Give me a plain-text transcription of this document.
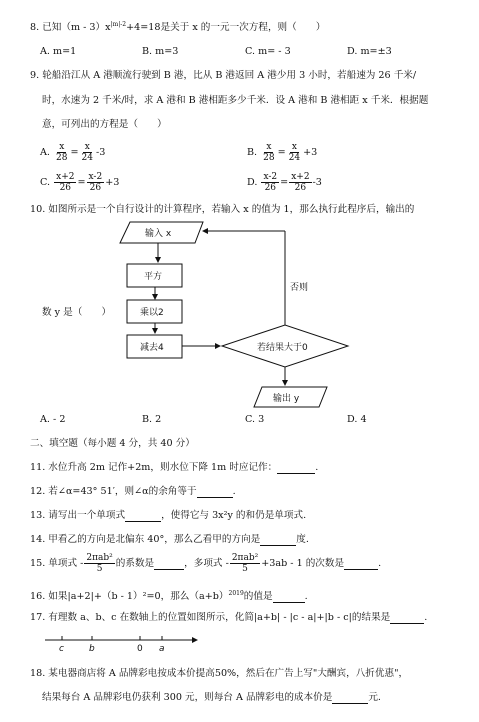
8. 已知$(m - 3)x^{|m|-2}+4=18$是关于 x 的一元一次方程，则（　　）
A. m=1	B. m=3	C. m= - 3	D. m=±3
9. 轮船沿江从 A 港顺流行驶到 B 港，比从 B 港返回 A 港少用 3 小时，若船速为 26 千米/
时，水速为 2 千米/时，求 A 港和 B 港相距多少千米．设 A 港和 B 港相距 x 千米．根据题
意，可列出的方程是（　　）
A. $\frac{x}{28} = \frac{x}{24} -3$	B. $\frac{x}{28} = \frac{x}{24} +3$
C. $\frac{x+2}{26} = \frac{x-2}{26} +3$	D. $\frac{x-2}{26} = \frac{x+2}{26} -3$
10. 如图所示是一个自行设计的计算程序，若输入 x 的值为 1，那么执行此程序后，输出的
数 y 是（　　）
输入 x
平方
乘以2
减去4	若结果大于0
否则
输出 y
A. - 2	B. 2	C. 3	D. 4
二、填空题（每小题 4 分，共 40 分）
11. 水位升高 2m 记作+2m，则水位下降 1m 时应记作：	.
12. 若∠α=43° 51′，则∠α的余角等于	.
13. 请写出一个单项式	，使得它与 3x²y 的和仍是单项式.
14. 甲看乙的方向是北偏东 40°，那么乙看甲的方向是	度.
15. 单项式 - $\frac{\text{2πab²}}{5}$ 的系数是	，多项式 - $\frac{\text{2πab²}}{5} +3ab - 1$ 的次数是	.
16. 如果|a+2|+（b - 1）²=0，那么$(a+b)^{2019}$的值是	.
17. 有理数 a、b、c 在数轴上的位置如图所示，化简|a+b| - |c - a|+|b - c|的结果是	.
c	b	0 a
18. 某电器商店将 A 品牌彩电按成本价提高50%，然后在广告上写"大酬宾，八折优惠"，
结果每台 A 品牌彩电仍获利 300 元，则每台 A 品牌彩电的成本价是	元.
